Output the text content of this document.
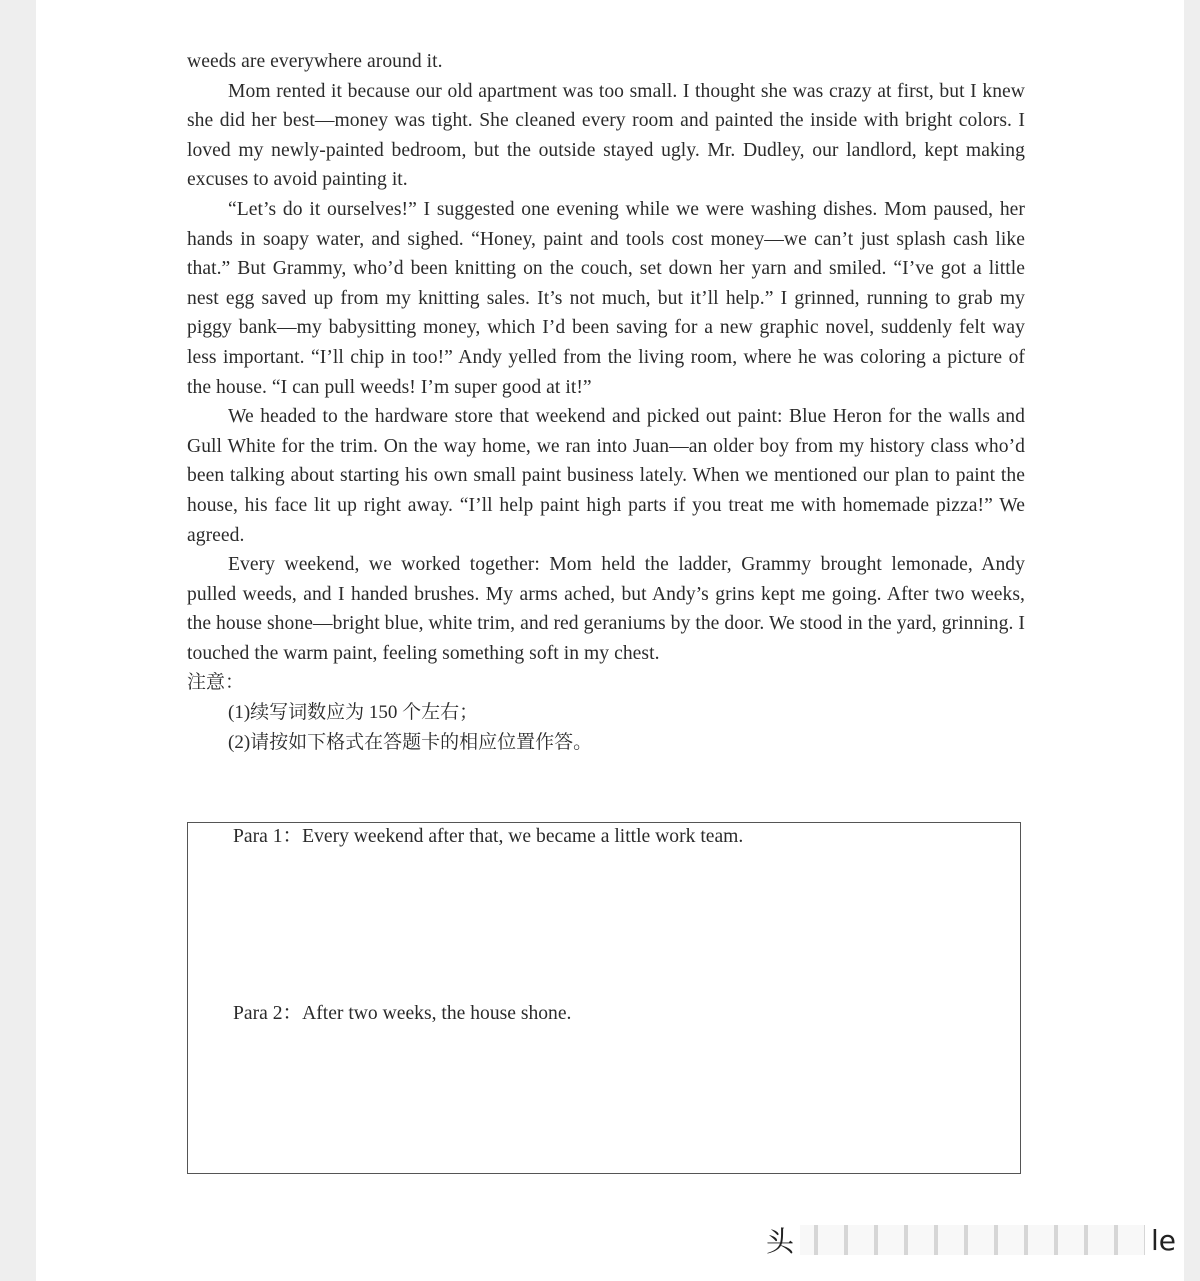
weeds are everywhere around it.

Mom rented it because our old apartment was too small. I thought she was crazy at first, but I knew she did her best—money was tight. She cleaned every room and painted the inside with bright colors. I loved my newly-painted bedroom, but the outside stayed ugly. Mr. Dudley, our landlord, kept making excuses to avoid painting it.

“Let’s do it ourselves!” I suggested one evening while we were washing dishes. Mom paused, her hands in soapy water, and sighed. “Honey, paint and tools cost money—we can’t just splash cash like that.” But Grammy, who’d been knitting on the couch, set down her yarn and smiled. “I’ve got a little nest egg saved up from my knitting sales. It’s not much, but it’ll help.” I grinned, running to grab my piggy bank—my babysitting money, which I’d been saving for a new graphic novel, suddenly felt way less important. “I’ll chip in too!” Andy yelled from the living room, where he was coloring a picture of the house. “I can pull weeds! I’m super good at it!”

We headed to the hardware store that weekend and picked out paint: Blue Heron for the walls and Gull White for the trim. On the way home, we ran into Juan—an older boy from my history class who’d been talking about starting his own small paint business lately. When we mentioned our plan to paint the house, his face lit up right away. “I’ll help paint high parts if you treat me with homemade pizza!” We agreed.

Every weekend, we worked together: Mom held the ladder, Grammy brought lemonade, Andy pulled weeds, and I handed brushes. My arms ached, but Andy’s grins kept me going. After two weeks, the house shone—bright blue, white trim, and red geraniums by the door. We stood in the yard, grinning. I touched the warm paint, feeling something soft in my chest.

注意：

(1)续写词数应为 150 个左右；

(2)请按如下格式在答题卡的相应位置作答。

Para 1：Every weekend after that, we became a little work team.

Para 2：After two weeks, the house shone.

头	le
